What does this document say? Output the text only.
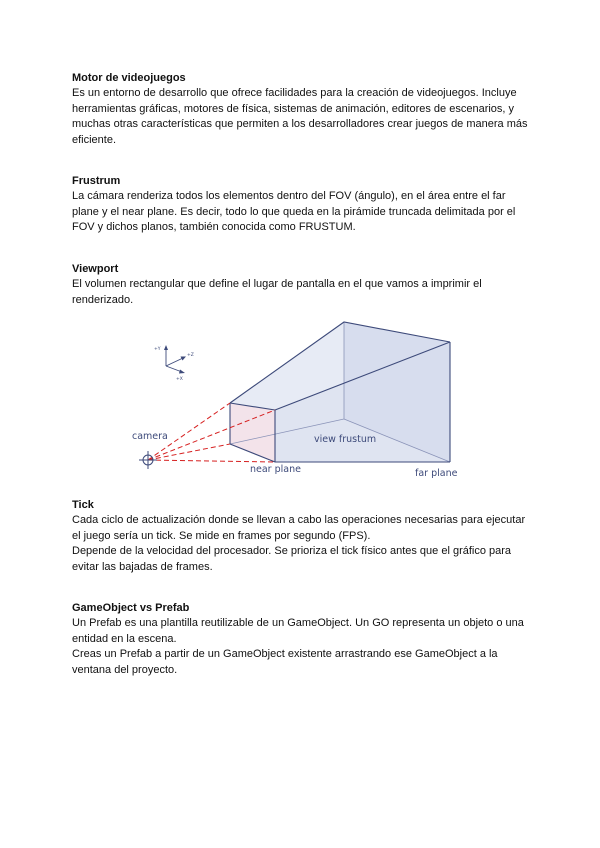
Motor de videojuegos

Es un entorno de desarrollo que ofrece facilidades para la creación de videojuegos. Incluye herramientas gráficas, motores de física, sistemas de animación, editores de escenarios, y muchas otras características que permiten a los desarrolladores crear juegos de manera más eficiente.

Frustrum

La cámara renderiza todos los elementos dentro del FOV (ángulo), en el área entre el far plane y el near plane. Es decir, todo lo que queda en la pirámide truncada delimitada por el FOV y dichos planos, también conocida como FRUSTUM.

Viewport

El volumen rectangular que define el lugar de pantalla en el que vamos a imprimir el renderizado.

+Y
+Z
+X
camera
near plane	far plane
view frustum

Tick

Cada ciclo de actualización donde se llevan a cabo las operaciones necesarias para ejecutar el juego sería un tick. Se mide en frames por segundo (FPS).

Depende de la velocidad del procesador. Se prioriza el tick físico antes que el gráfico para evitar las bajadas de frames.

GameObject vs Prefab

Un Prefab es una plantilla reutilizable de un GameObject. Un GO representa un objeto o una entidad en la escena.

Creas un Prefab a partir de un GameObject existente arrastrando ese GameObject a la ventana del proyecto.
